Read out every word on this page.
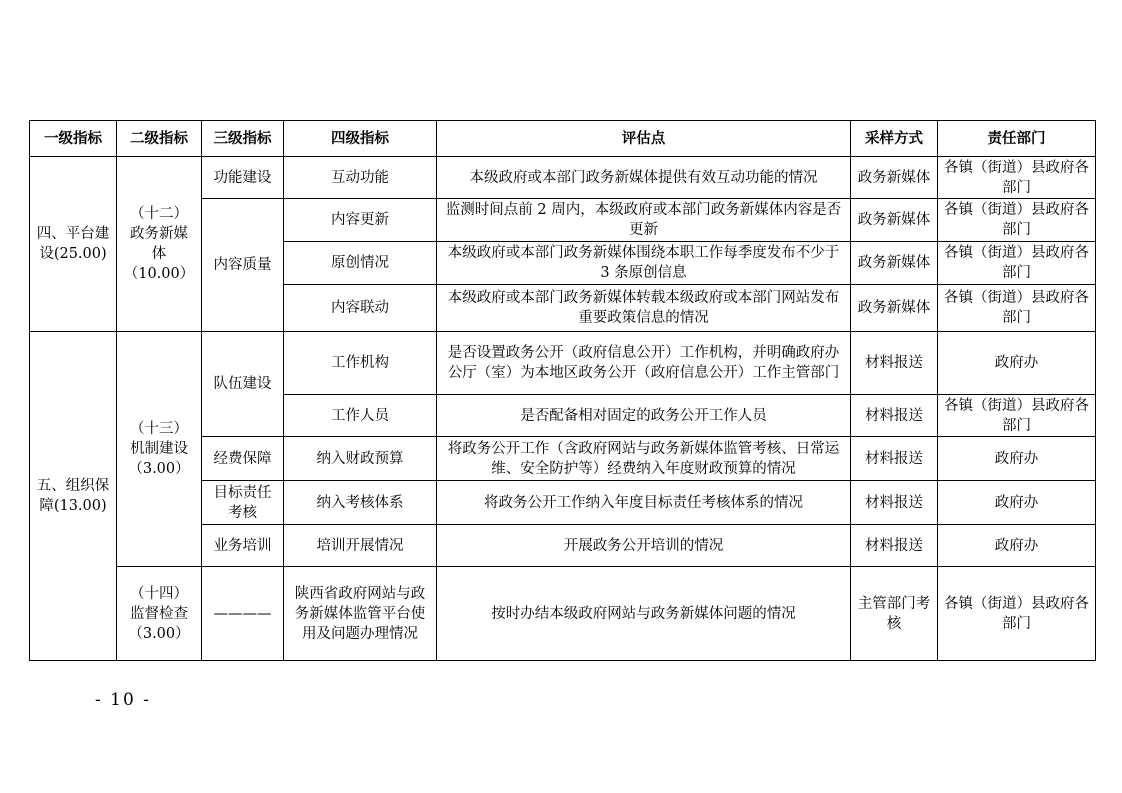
一级指标	二级指标	三级指标	四级指标	评估点	采样方式	责任部门
四、平台建设(25.00)	（十二）政务新媒体（10.00）	功能建设	互动功能	本级政府或本部门政务新媒体提供有效互动功能的情况	政务新媒体	各镇（街道）县政府各部门
		内容质量	内容更新	监测时间点前 2 周内，本级政府或本部门政务新媒体内容是否更新	政务新媒体	各镇（街道）县政府各部门
			原创情况	本级政府或本部门政务新媒体围绕本职工作每季度发布不少于 3 条原创信息	政务新媒体	各镇（街道）县政府各部门
			内容联动	本级政府或本部门政务新媒体转载本级政府或本部门网站发布重要政策信息的情况	政务新媒体	各镇（街道）县政府各部门
五、组织保障(13.00)	（十三）机制建设（3.00）	队伍建设	工作机构	是否设置政务公开（政府信息公开）工作机构，并明确政府办公厅（室）为本地区政务公开（政府信息公开）工作主管部门	材料报送	政府办
			工作人员	是否配备相对固定的政务公开工作人员	材料报送	各镇（街道）县政府各部门
		经费保障	纳入财政预算	将政务公开工作（含政府网站与政务新媒体监管考核、日常运维、安全防护等）经费纳入年度财政预算的情况	材料报送	政府办
		目标责任考核	纳入考核体系	将政务公开工作纳入年度目标责任考核体系的情况	材料报送	政府办
		业务培训	培训开展情况	开展政务公开培训的情况	材料报送	政府办
	（十四）监督检查（3.00）	————	陕西省政府网站与政务新媒体监管平台使用及问题办理情况	按时办结本级政府网站与政务新媒体问题的情况	主管部门考核	各镇（街道）县政府各部门
- 10 -
